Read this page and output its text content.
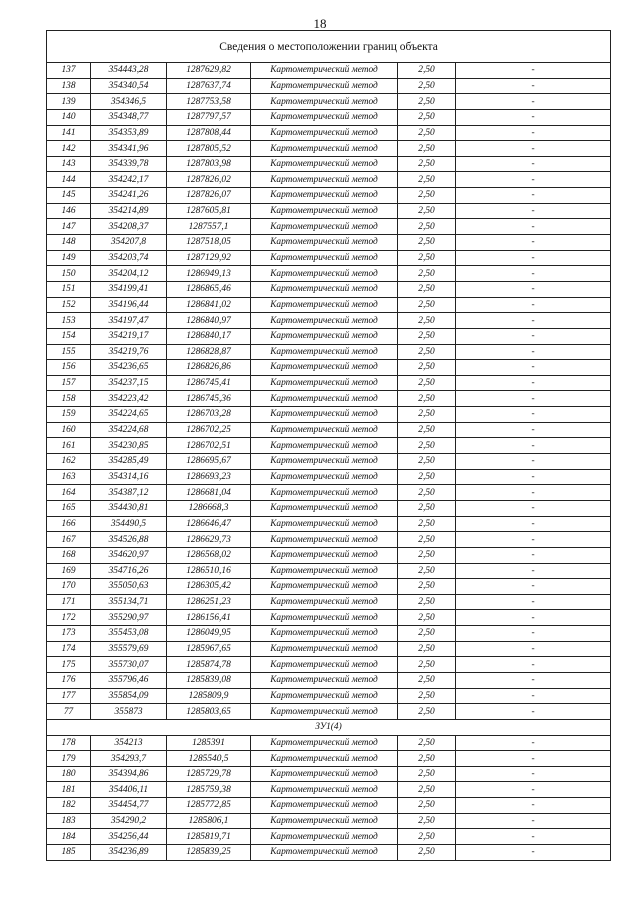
18
Сведения о местоположении границ объекта					
137	354443,28	1287629,82	Картометрический метод	2,50	-
138	354340,54	1287637,74	Картометрический метод	2,50	-
139	354346,5	1287753,58	Картометрический метод	2,50	-
140	354348,77	1287797,57	Картометрический метод	2,50	-
141	354353,89	1287808,44	Картометрический метод	2,50	-
142	354341,96	1287805,52	Картометрический метод	2,50	-
143	354339,78	1287803,98	Картометрический метод	2,50	-
144	354242,17	1287826,02	Картометрический метод	2,50	-
145	354241,26	1287826,07	Картометрический метод	2,50	-
146	354214,89	1287605,81	Картометрический метод	2,50	-
147	354208,37	1287557,1	Картометрический метод	2,50	-
148	354207,8	1287518,05	Картометрический метод	2,50	-
149	354203,74	1287129,92	Картометрический метод	2,50	-
150	354204,12	1286949,13	Картометрический метод	2,50	-
151	354199,41	1286865,46	Картометрический метод	2,50	-
152	354196,44	1286841,02	Картометрический метод	2,50	-
153	354197,47	1286840,97	Картометрический метод	2,50	-
154	354219,17	1286840,17	Картометрический метод	2,50	-
155	354219,76	1286828,87	Картометрический метод	2,50	-
156	354236,65	1286826,86	Картометрический метод	2,50	-
157	354237,15	1286745,41	Картометрический метод	2,50	-
158	354223,42	1286745,36	Картометрический метод	2,50	-
159	354224,65	1286703,28	Картометрический метод	2,50	-
160	354224,68	1286702,25	Картометрический метод	2,50	-
161	354230,85	1286702,51	Картометрический метод	2,50	-
162	354285,49	1286695,67	Картометрический метод	2,50	-
163	354314,16	1286693,23	Картометрический метод	2,50	-
164	354387,12	1286681,04	Картометрический метод	2,50	-
165	354430,81	1286668,3	Картометрический метод	2,50	-
166	354490,5	1286646,47	Картометрический метод	2,50	-
167	354526,88	1286629,73	Картометрический метод	2,50	-
168	354620,97	1286568,02	Картометрический метод	2,50	-
169	354716,26	1286510,16	Картометрический метод	2,50	-
170	355050,63	1286305,42	Картометрический метод	2,50	-
171	355134,71	1286251,23	Картометрический метод	2,50	-
172	355290,97	1286156,41	Картометрический метод	2,50	-
173	355453,08	1286049,95	Картометрический метод	2,50	-
174	355579,69	1285967,65	Картометрический метод	2,50	-
175	355730,07	1285874,78	Картометрический метод	2,50	-
176	355796,46	1285839,08	Картометрический метод	2,50	-
177	355854,09	1285809,9	Картометрический метод	2,50	-
77	355873	1285803,65	Картометрический метод	2,50	-
ЗУ1(4)					
178	354213	1285391	Картометрический метод	2,50	-
179	354293,7	1285540,5	Картометрический метод	2,50	-
180	354394,86	1285729,78	Картометрический метод	2,50	-
181	354406,11	1285759,38	Картометрический метод	2,50	-
182	354454,77	1285772,85	Картометрический метод	2,50	-
183	354290,2	1285806,1	Картометрический метод	2,50	-
184	354256,44	1285819,71	Картометрический метод	2,50	-
185	354236,89	1285839,25	Картометрический метод	2,50	-
